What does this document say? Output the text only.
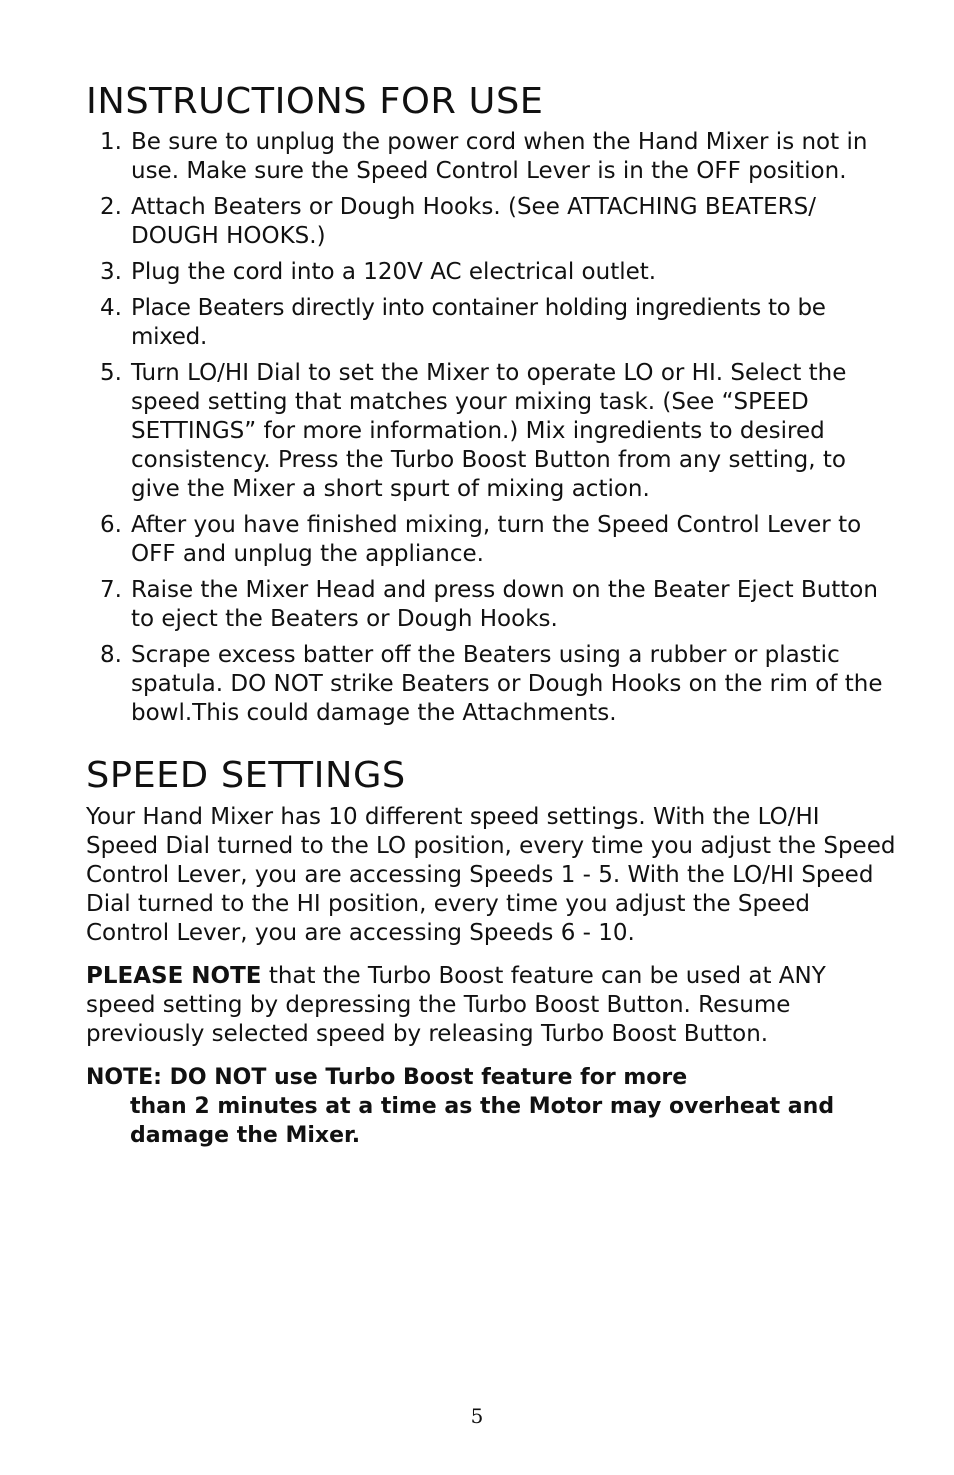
INSTRUCTIONS FOR USE
1. Be sure to unplug the power cord when the Hand Mixer is not in use. Make sure the Speed Control Lever is in the OFF position.
2. Attach Beaters or Dough Hooks. (See ATTACHING BEATERS/ DOUGH HOOKS.)
3. Plug the cord into a 120V AC electrical outlet.
4. Place Beaters directly into container holding ingredients to be mixed.
5. Turn LO/HI Dial to set the Mixer to operate LO or HI. Select the speed setting that matches your mixing task. (See “SPEED SETTINGS” for more information.) Mix ingredients to desired consistency. Press the Turbo Boost Button from any setting, to give the Mixer a short spurt of mixing action.
6. After you have finished mixing, turn the Speed Control Lever to OFF and unplug the appliance.
7. Raise the Mixer Head and press down on the Beater Eject Button to eject the Beaters or Dough Hooks.
8. Scrape excess batter off the Beaters using a rubber or plastic spatula. DO NOT strike Beaters or Dough Hooks on the rim of the bowl.This could damage the Attachments.
SPEED SETTINGS

Your Hand Mixer has 10 different speed settings. With the LO/HI Speed Dial turned to the LO position, every time you adjust the Speed Control Lever, you are accessing Speeds 1 - 5. With the LO/HI Speed Dial turned to the HI position, every time you adjust the Speed Control Lever, you are accessing Speeds 6 - 10.

PLEASE NOTE that the Turbo Boost feature can be used at ANY speed setting by depressing the Turbo Boost Button. Resume previously selected speed by releasing Turbo Boost Button.

NOTE: DO NOT use Turbo Boost feature for more
than 2 minutes at a time as the Motor may overheat and
damage the Mixer.

5
